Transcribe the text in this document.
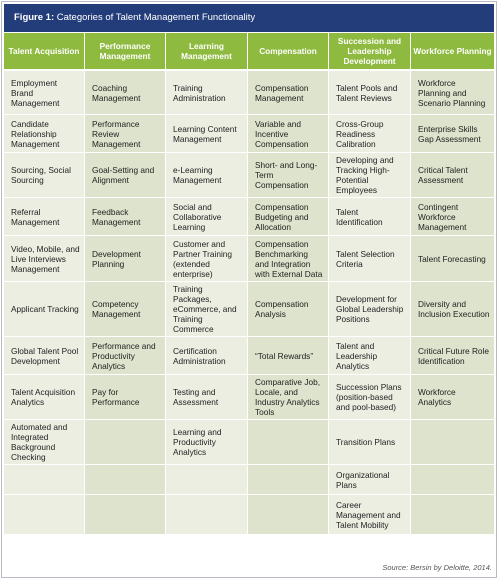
Figure 1: Categories of Talent Management Functionality
Talent Acquisition	Performance Management	Learning Management	Compensation	Succession and Leadership Development	Workforce Planning
Employment Brand Management	Coaching Management	Training Administration	Compensation Management	Talent Pools and Talent Reviews	Workforce Planning and Scenario Planning
Candidate Relationship Management	Performance Review Management	Learning Content Management	Variable and Incentive Compensation	Cross-Group Readiness Calibration	Enterprise Skills Gap Assessment
Sourcing, Social Sourcing	Goal-Setting and Alignment	e-Learning Management	Short- and Long-Term Compensation	Developing and Tracking High-Potential Employees	Critical Talent Assessment
Referral Management	Feedback Management	Social and Collaborative Learning	Compensation Budgeting and Allocation	Talent Identification	Contingent Workforce Management
Video, Mobile, and Live Interviews Management	Development Planning	Customer and Partner Training (extended enterprise)	Compensation Benchmarking and Integration with External Data	Talent Selection Criteria	Talent Forecasting
Applicant Tracking	Competency Management	Training Packages, eCommerce, and Training Commerce	Compensation Analysis	Development for Global Leadership Positions	Diversity and Inclusion Execution
Global Talent Pool Development	Performance and Productivity Analytics	Certification Administration	“Total Rewards”	Talent and Leadership Analytics	Critical Future Role Identification
Talent Acquisition Analytics	Pay for Performance	Testing and Assessment	Comparative Job, Locale, and Industry Analytics Tools	Succession Plans (position-based and pool-based)	Workforce Analytics
Automated and Integrated Background Checking		Learning and Productivity Analytics		Transition Plans	
				Organizational Plans	
				Career Management and Talent Mobility	
Source: Bersin by Deloitte, 2014.
